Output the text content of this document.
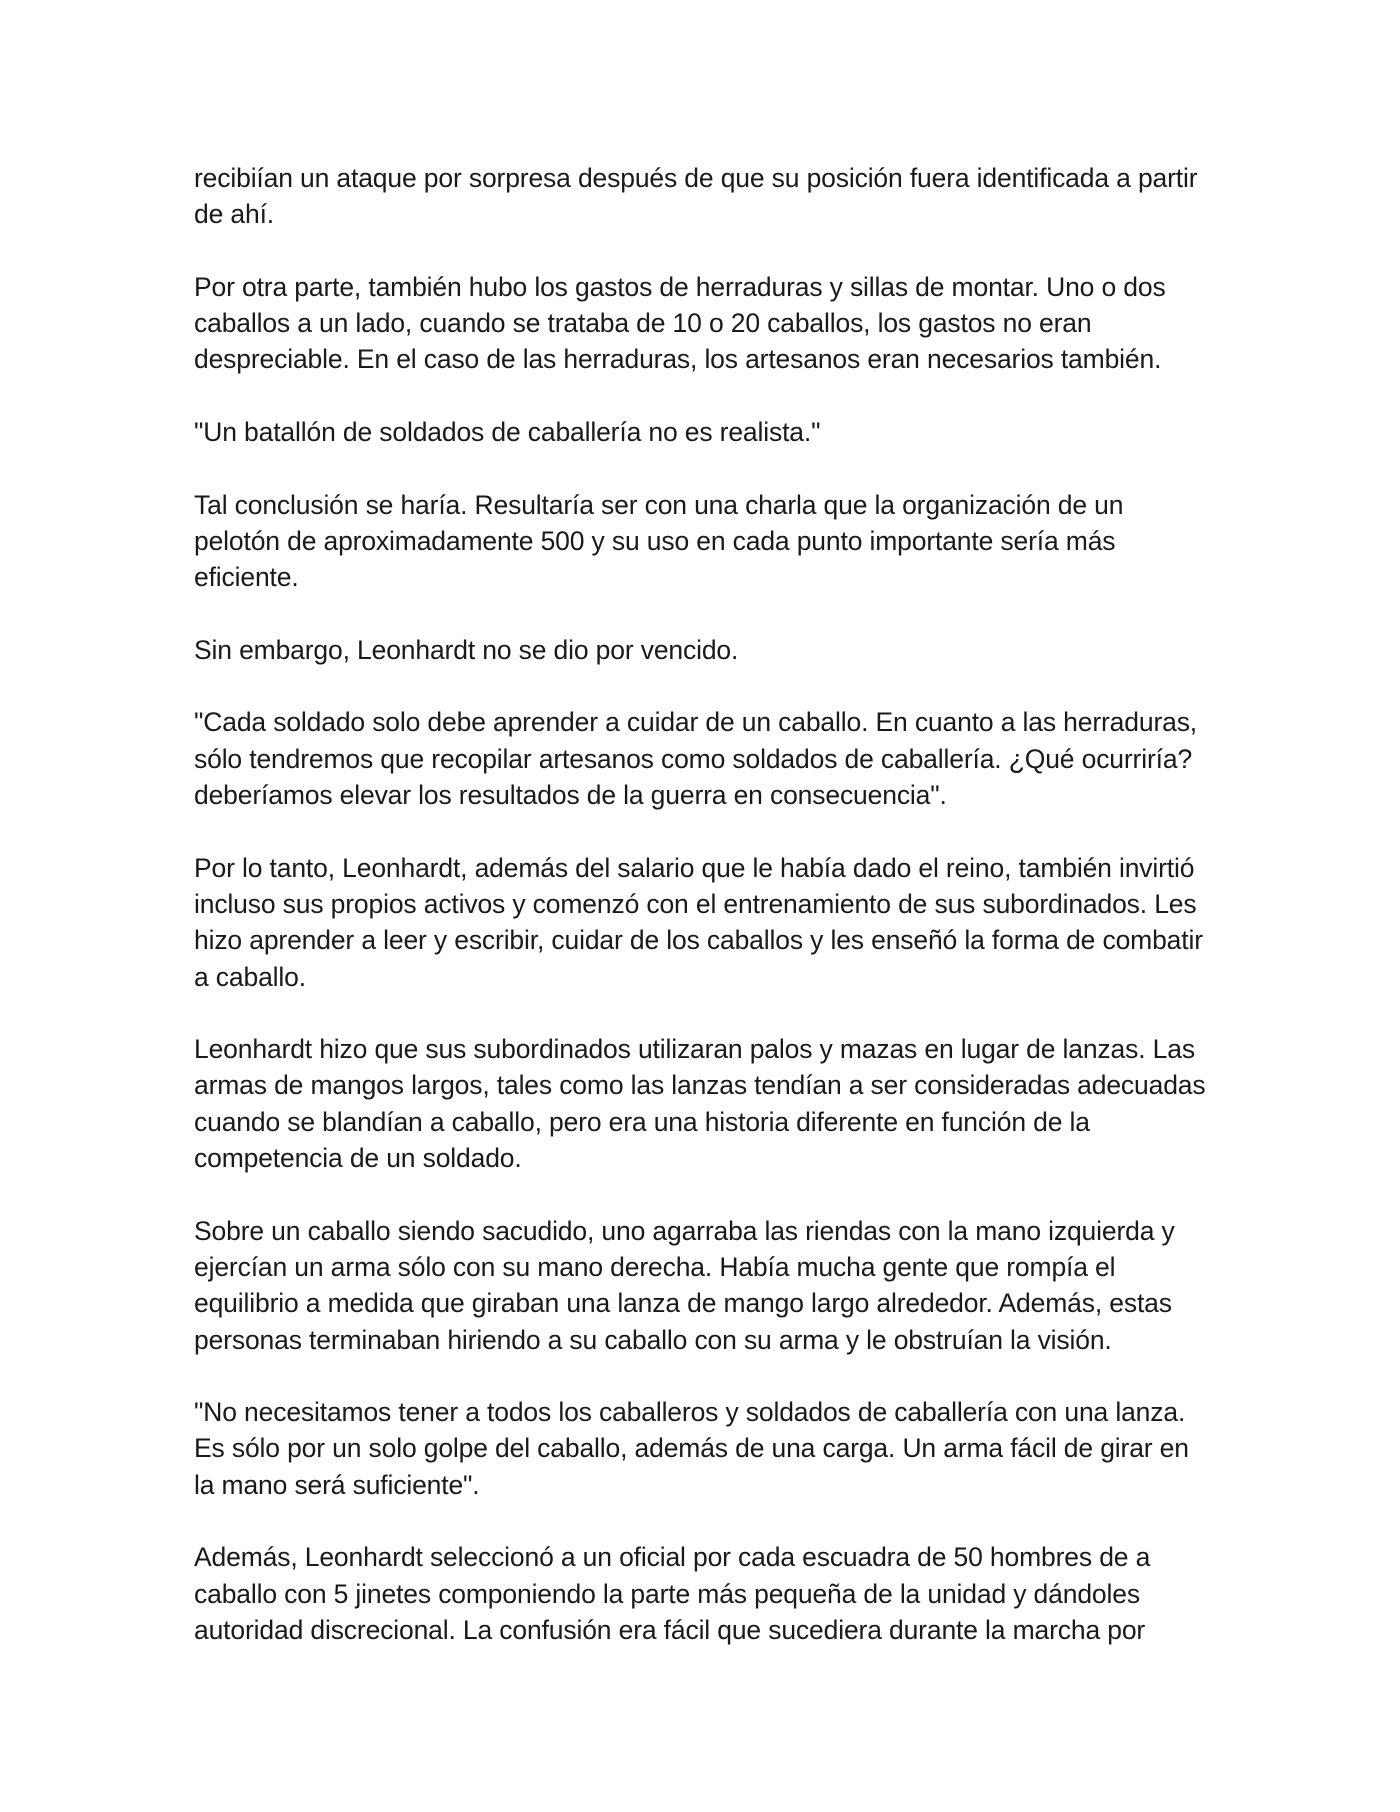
recibiían un ataque por sorpresa después de que su posición fuera identificada a partir de ahí.

Por otra parte, también hubo los gastos de herraduras y sillas de montar. Uno o dos caballos a un lado, cuando se trataba de 10 o 20 caballos, los gastos no eran despreciable. En el caso de las herraduras, los artesanos eran necesarios también.

"Un batallón de soldados de caballería no es realista."

Tal conclusión se haría. Resultaría ser con una charla que la organización de un pelotón de aproximadamente 500 y su uso en cada punto importante sería más eficiente.

Sin embargo, Leonhardt no se dio por vencido.

"Cada soldado solo debe aprender a cuidar de un caballo. En cuanto a las herraduras, sólo tendremos que recopilar artesanos como soldados de caballería. ¿Qué ocurriría? deberíamos elevar los resultados de la guerra en consecuencia".

Por lo tanto, Leonhardt, además del salario que le había dado el reino, también invirtió incluso sus propios activos y comenzó con el entrenamiento de sus subordinados. Les hizo aprender a leer y escribir, cuidar de los caballos y les enseñó la forma de combatir a caballo.

Leonhardt hizo que sus subordinados utilizaran palos y mazas en lugar de lanzas. Las armas de mangos largos, tales como las lanzas tendían a ser consideradas adecuadas cuando se blandían a caballo, pero era una historia diferente en función de la competencia de un soldado.

Sobre un caballo siendo sacudido, uno agarraba las riendas con la mano izquierda y ejercían un arma sólo con su mano derecha. Había mucha gente que rompía el equilibrio a medida que giraban una lanza de mango largo alrededor. Además, estas personas terminaban hiriendo a su caballo con su arma y le obstruían la visión.

"No necesitamos tener a todos los caballeros y soldados de caballería con una lanza. Es sólo por un solo golpe del caballo, además de una carga. Un arma fácil de girar en la mano será suficiente".

Además, Leonhardt seleccionó a un oficial por cada escuadra de 50 hombres de a caballo con 5 jinetes componiendo la parte más pequeña de la unidad y dándoles autoridad discrecional. La confusión era fácil que sucediera durante la marcha por
